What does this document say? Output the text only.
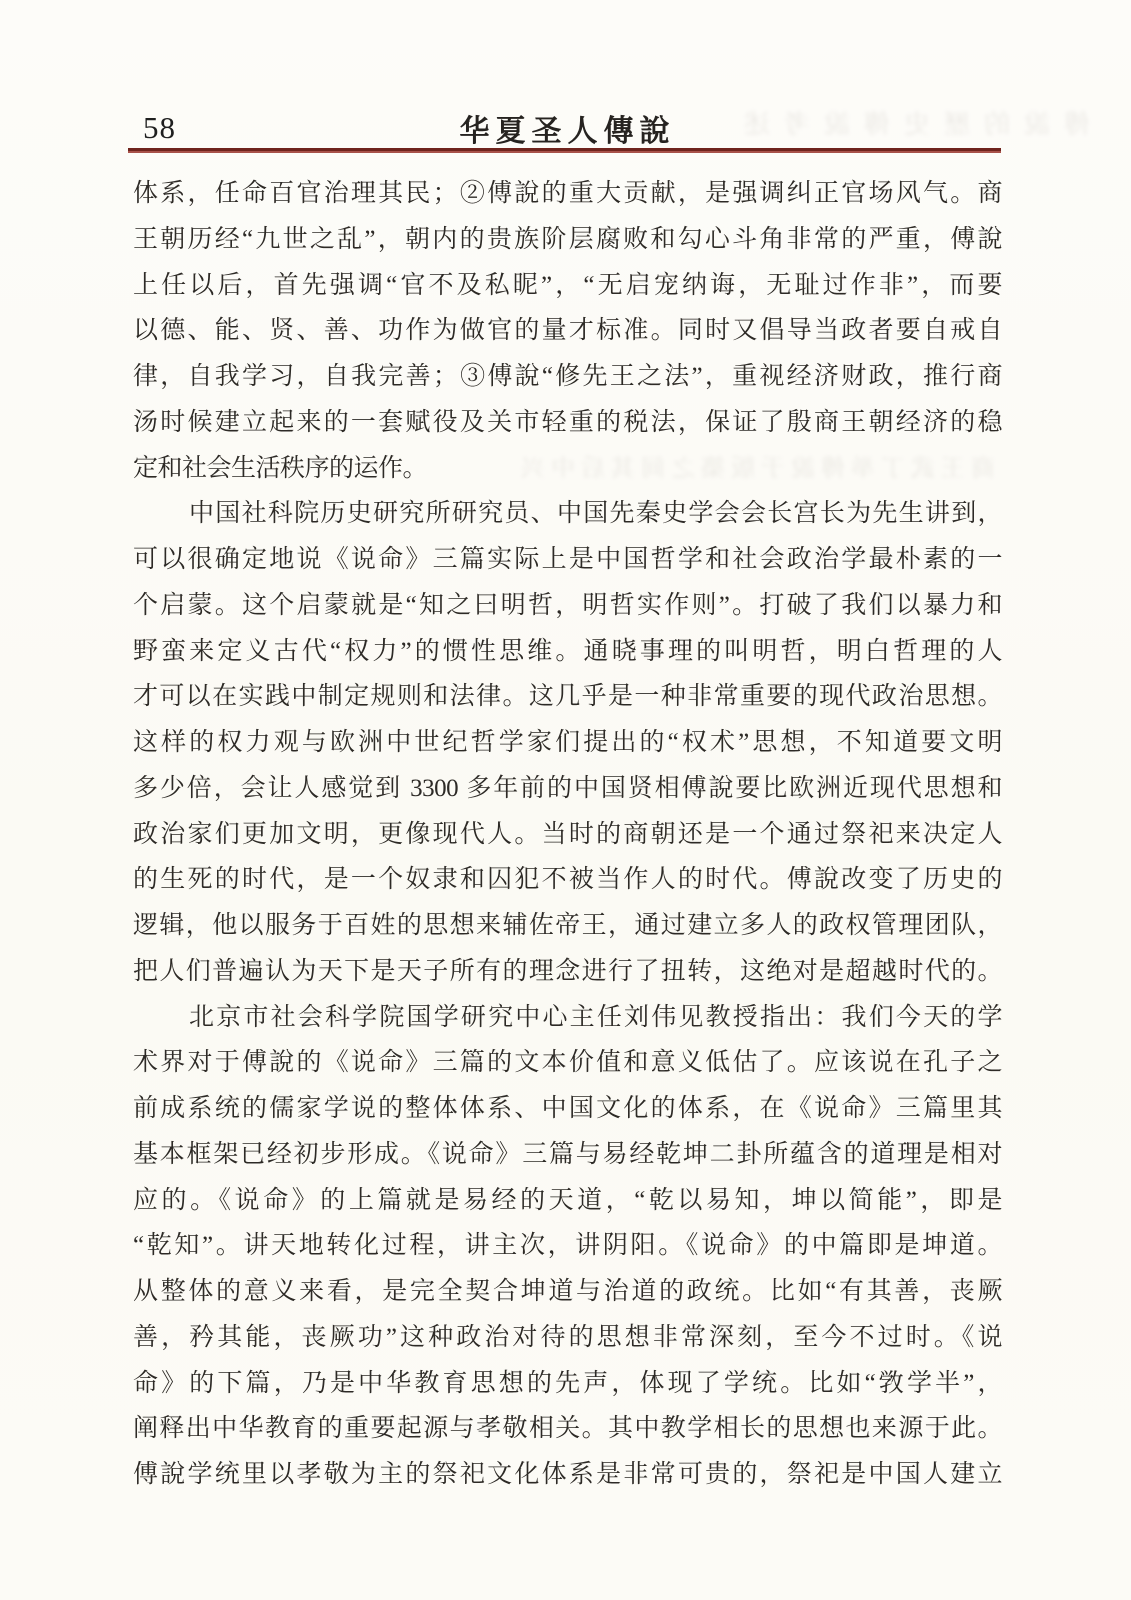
58	华夏圣人傳說	傅說的歷史傳說考述
体系，任命百官治理其民；②傅說的重大贡献，是强调纠正官场风气。商
王朝历经“九世之乱”，朝内的贵族阶层腐败和勾心斗角非常的严重，傅說
上任以后，首先强调“官不及私昵”，“无启宠纳诲，无耻过作非”，而要
以德、能、贤、善、功作为做官的量才标准。同时又倡导当政者要自戒自
律，自我学习，自我完善；③傅說“修先王之法”，重视经济财政，推行商
汤时候建立起来的一套赋役及关市轻重的税法，保证了殷商王朝经济的稳
定和社会生活秩序的运作。
中国社科院历史研究所研究员、中国先秦史学会会长宫长为先生讲到，
可以很确定地说《说命》三篇实际上是中国哲学和社会政治学最朴素的一
个启蒙。这个启蒙就是“知之曰明哲，明哲实作则”。打破了我们以暴力和
野蛮来定义古代“权力”的惯性思维。通晓事理的叫明哲，明白哲理的人
才可以在实践中制定规则和法律。这几乎是一种非常重要的现代政治思想。
这样的权力观与欧洲中世纪哲学家们提出的“权术”思想，不知道要文明
多少倍，会让人感觉到 3300 多年前的中国贤相傅說要比欧洲近现代思想和
政治家们更加文明，更像现代人。当时的商朝还是一个通过祭祀来决定人
的生死的时代，是一个奴隶和囚犯不被当作人的时代。傅說改变了历史的
逻辑，他以服务于百姓的思想来辅佐帝王，通过建立多人的政权管理团队，
把人们普遍认为天下是天子所有的理念进行了扭转，这绝对是超越时代的。
北京市社会科学院国学研究中心主任刘伟见教授指出：我们今天的学
术界对于傅說的《说命》三篇的文本价值和意义低估了。应该说在孔子之
前成系统的儒家学说的整体体系、中国文化的体系，在《说命》三篇里其
基本框架已经初步形成。《说命》三篇与易经乾坤二卦所蕴含的道理是相对
应的。《说命》的上篇就是易经的天道，“乾以易知，坤以简能”，即是
“乾知”。讲天地转化过程，讲主次，讲阴阳。《说命》的中篇即是坤道。
从整体的意义来看，是完全契合坤道与治道的政统。比如“有其善，丧厥
善，矜其能，丧厥功”这种政治对待的思想非常深刻，至今不过时。《说
命》的下篇，乃是中华教育思想的先声，体现了学统。比如“敩学半”，
阐释出中华教育的重要起源与孝敬相关。其中教学相长的思想也来源于此。
傅說学统里以孝敬为主的祭祀文化体系是非常可贵的，祭祀是中国人建立
商王武丁举傅說于版築之间其后中兴
